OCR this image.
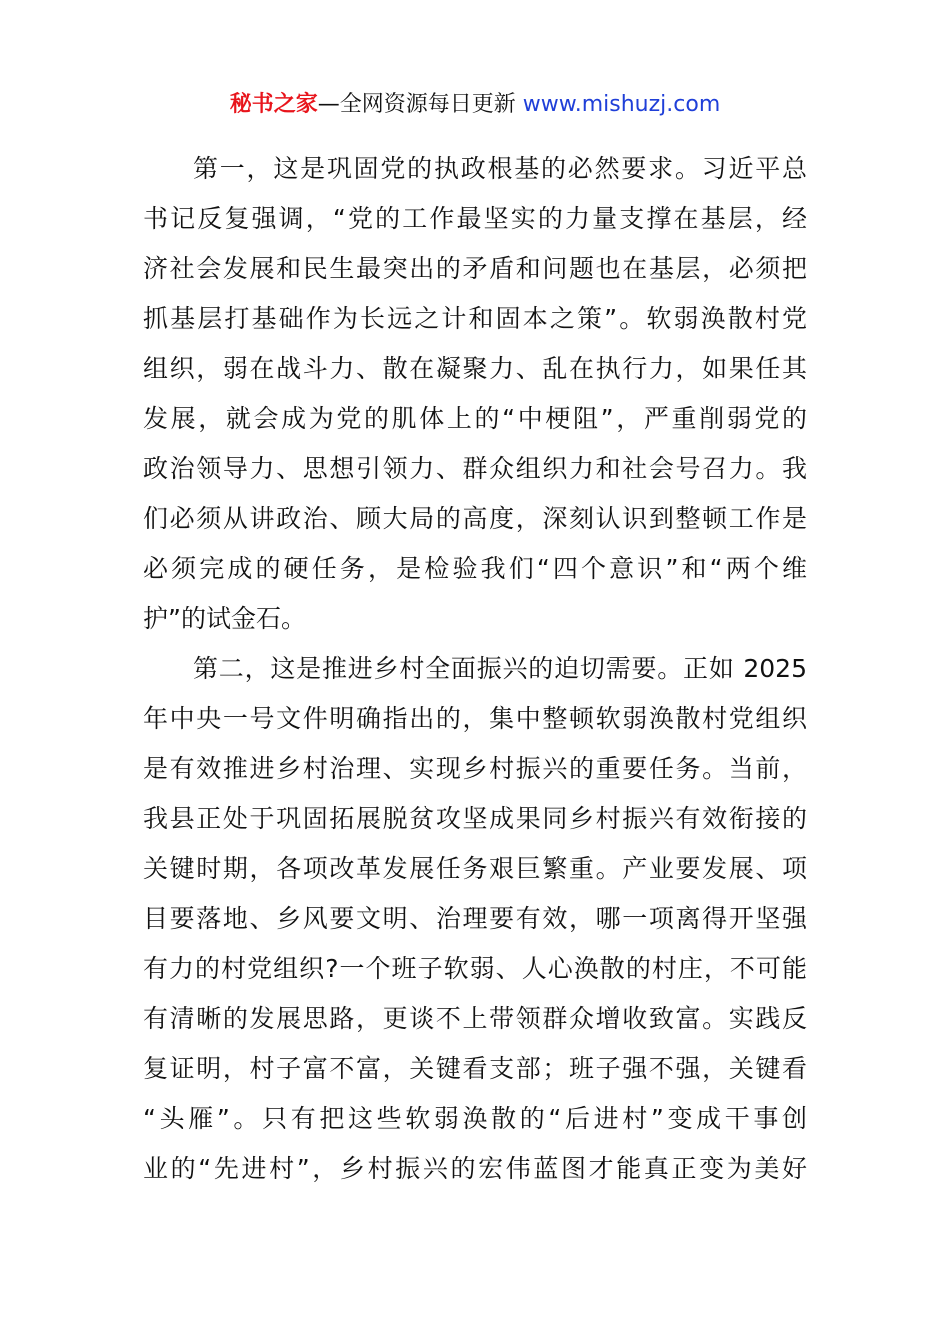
秘书之家—全网资源每日更新 www.mishuzj.com
第一，这是巩固党的执政根基的必然要求。习近平总
书记反复强调，“党的工作最坚实的力量支撑在基层，经
济社会发展和民生最突出的矛盾和问题也在基层，必须把
抓基层打基础作为长远之计和固本之策”。软弱涣散村党
组织，弱在战斗力、散在凝聚力、乱在执行力，如果任其
发展，就会成为党的肌体上的“中梗阻”，严重削弱党的
政治领导力、思想引领力、群众组织力和社会号召力。我
们必须从讲政治、顾大局的高度，深刻认识到整顿工作是
必须完成的硬任务，是检验我们“四个意识”和“两个维
护”的试金石。
第二，这是推进乡村全面振兴的迫切需要。正如 2025
年中央一号文件明确指出的，集中整顿软弱涣散村党组织
是有效推进乡村治理、实现乡村振兴的重要任务。当前，
我县正处于巩固拓展脱贫攻坚成果同乡村振兴有效衔接的
关键时期，各项改革发展任务艰巨繁重。产业要发展、项
目要落地、乡风要文明、治理要有效，哪一项离得开坚强
有力的村党组织?一个班子软弱、人心涣散的村庄，不可能
有清晰的发展思路，更谈不上带领群众增收致富。实践反
复证明，村子富不富，关键看支部；班子强不强，关键看
“头雁”。只有把这些软弱涣散的“后进村”变成干事创
业的“先进村”，乡村振兴的宏伟蓝图才能真正变为美好
